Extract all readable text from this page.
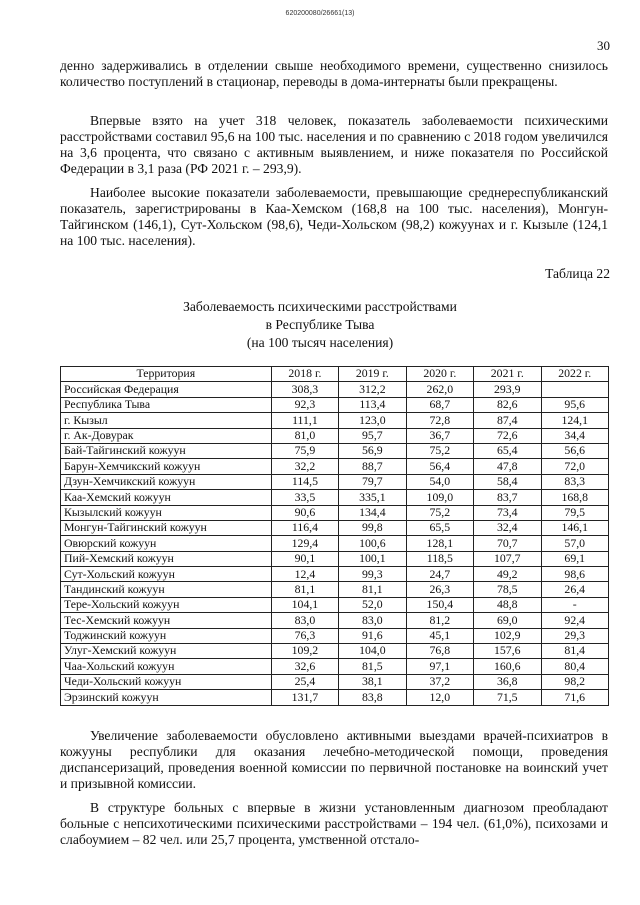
620200080/26661(13)
30

денно задерживались в отделении свыше необходимого времени, существенно снизилось количество поступлений в стационар, переводы в дома-интернаты были прекращены.

Впервые взято на учет 318 человек, показатель заболеваемости психическими расстройствами составил 95,6 на 100 тыс. населения и по сравнению с 2018 годом увеличился на 3,6 процента, что связано с активным выявлением, и ниже показателя по Российской Федерации в 3,1 раза (РФ 2021 г. – 293,9).

Наиболее высокие показатели заболеваемости, превышающие среднереспубликанский показатель, зарегистрированы в Каа-Хемском (168,8 на 100 тыс. населения), Монгун-Тайгинском (146,1), Сут-Хольском (98,6), Чеди-Хольском (98,2) кожуунах и г. Кызыле (124,1 на 100 тыс. населения).

Таблица 22
Заболеваемость психическими расстройствами
в Республике Тыва
(на 100 тысяч населения)
Территория	2018 г.	2019 г.	2020 г.	2021 г.	2022 г.
Российская Федерация	308,3	312,2	262,0	293,9	
Республика Тыва	92,3	113,4	68,7	82,6	95,6
г. Кызыл	111,1	123,0	72,8	87,4	124,1
г. Ак-Довурак	81,0	95,7	36,7	72,6	34,4
Бай-Тайгинский кожуун	75,9	56,9	75,2	65,4	56,6
Барун-Хемчикский кожуун	32,2	88,7	56,4	47,8	72,0
Дзун-Хемчикский кожуун	114,5	79,7	54,0	58,4	83,3
Каа-Хемский кожуун	33,5	335,1	109,0	83,7	168,8
Кызылский кожуун	90,6	134,4	75,2	73,4	79,5
Монгун-Тайгинский кожуун	116,4	99,8	65,5	32,4	146,1
Овюрский кожуун	129,4	100,6	128,1	70,7	57,0
Пий-Хемский кожуун	90,1	100,1	118,5	107,7	69,1
Сут-Хольский кожуун	12,4	99,3	24,7	49,2	98,6
Тандинский кожуун	81,1	81,1	26,3	78,5	26,4
Тере-Хольский кожуун	104,1	52,0	150,4	48,8	-
Тес-Хемский кожуун	83,0	83,0	81,2	69,0	92,4
Тоджинский кожуун	76,3	91,6	45,1	102,9	29,3
Улуг-Хемский кожуун	109,2	104,0	76,8	157,6	81,4
Чаа-Хольский кожуун	32,6	81,5	97,1	160,6	80,4
Чеди-Хольский кожуун	25,4	38,1	37,2	36,8	98,2
Эрзинский кожуун	131,7	83,8	12,0	71,5	71,6

Увеличение заболеваемости обусловлено активными выездами врачей-психиатров в кожууны республики для оказания лечебно-методической помощи, проведения диспансеризаций, проведения военной комиссии по первичной постановке на воинский учет и призывной комиссии.

В структуре больных с впервые в жизни установленным диагнозом преобладают больные с непсихотическими психическими расстройствами – 194 чел. (61,0%), психозами и слабоумием – 82 чел. или 25,7 процента, умственной отстало-
